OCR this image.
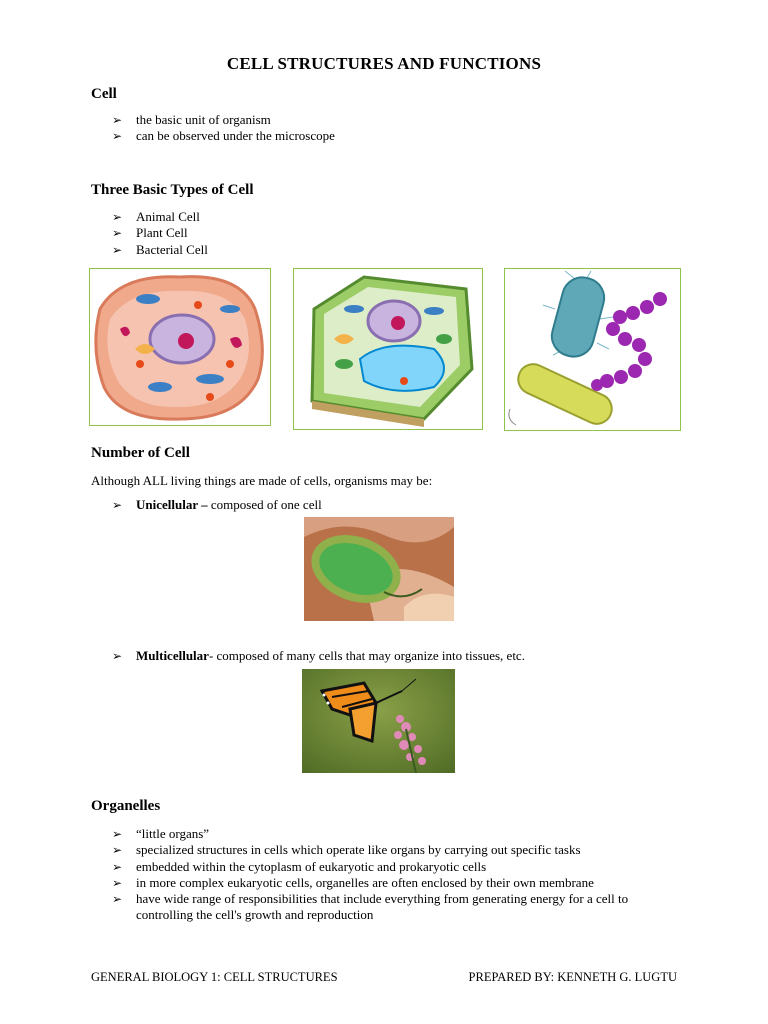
CELL STRUCTURES AND FUNCTIONS
Cell
➢ the basic unit of organism
➢ can be observed under the microscope
Three Basic Types of Cell
➢ Animal Cell
➢ Plant Cell
➢ Bacterial Cell
Number of Cell
Although ALL living things are made of cells, organisms may be:
➢ Unicellular – composed of one cell
➢ Multicellular- composed of many cells that may organize into tissues, etc.
Organelles
➢ “little organs”
➢ specialized structures in cells which operate like organs by carrying out specific tasks
➢ embedded within the cytoplasm of eukaryotic and prokaryotic cells
➢ in more complex eukaryotic cells, organelles are often enclosed by their own membrane
➢ have wide range of responsibilities that include everything from generating energy for a cell to controlling the cell's growth and reproduction
GENERAL BIOLOGY 1: CELL STRUCTURES	PREPARED BY: KENNETH G. LUGTU
